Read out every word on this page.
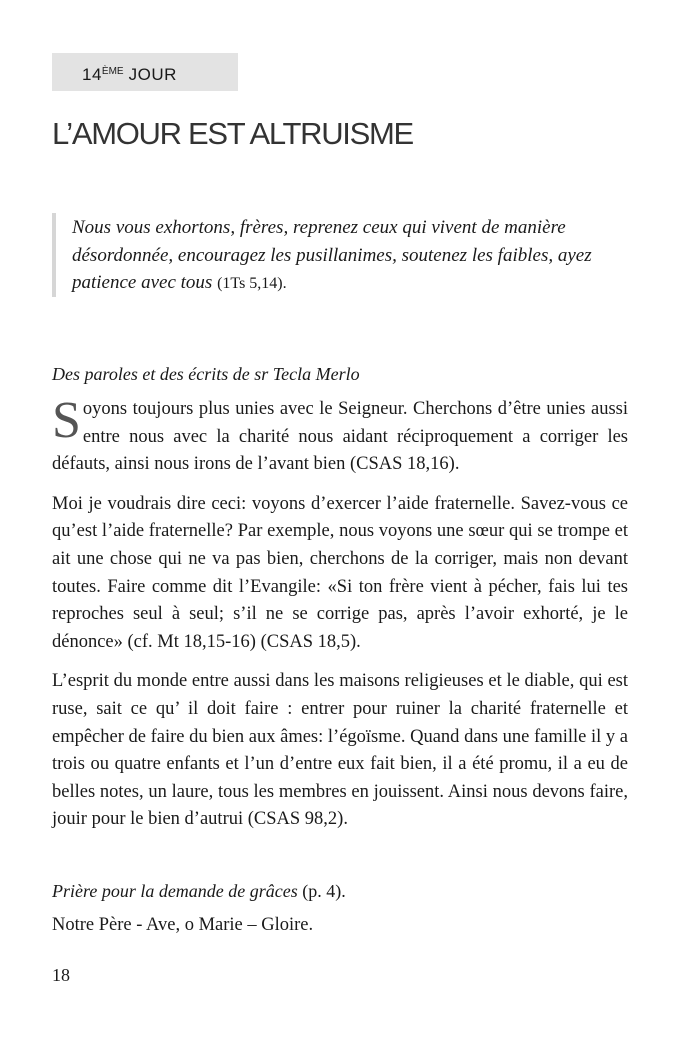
14ÈME JOUR
L’AMOUR EST ALTRUISME

Nous vous exhortons, frères, reprenez ceux qui vivent de manière désordonnée, encouragez les pusillanimes, soutenez les faibles, ayez patience avec tous (1Ts 5,14).

Des paroles et des écrits de sr Tecla Merlo

Soyons toujours plus unies avec le Seigneur. Cherchons d’être unies aussi entre nous avec la charité nous aidant réciproquement a corriger les défauts, ainsi nous irons de l’avant bien (CSAS 18,16).

Moi je voudrais dire ceci: voyons d’exercer l’aide fraternelle. Savez-vous ce qu’est l’aide fraternelle? Par exemple, nous voyons une sœur qui se trompe et ait une chose qui ne va pas bien, cherchons de la corriger, mais non devant toutes. Faire comme dit l’Evangile: «Si ton frère vient à pécher, fais lui tes reproches seul à seul; s’il ne se corrige pas, après l’avoir exhorté, je le dénonce» (cf. Mt 18,15-16) (CSAS 18,5).

L’esprit du monde entre aussi dans les maisons religieuses et le diable, qui est ruse, sait ce qu’ il doit faire : entrer pour ruiner la charité fraternelle et empêcher de faire du bien aux âmes: l’égoïsme. Quand dans une famille il y a trois ou quatre enfants et l’un d’entre eux fait bien, il a été promu, il a eu de belles notes, un laure, tous les membres en jouissent. Ainsi nous devons faire, jouir pour le bien d’autrui (CSAS 98,2).

Prière pour la demande de grâces (p. 4).

Notre Père - Ave, o Marie – Gloire.

18
